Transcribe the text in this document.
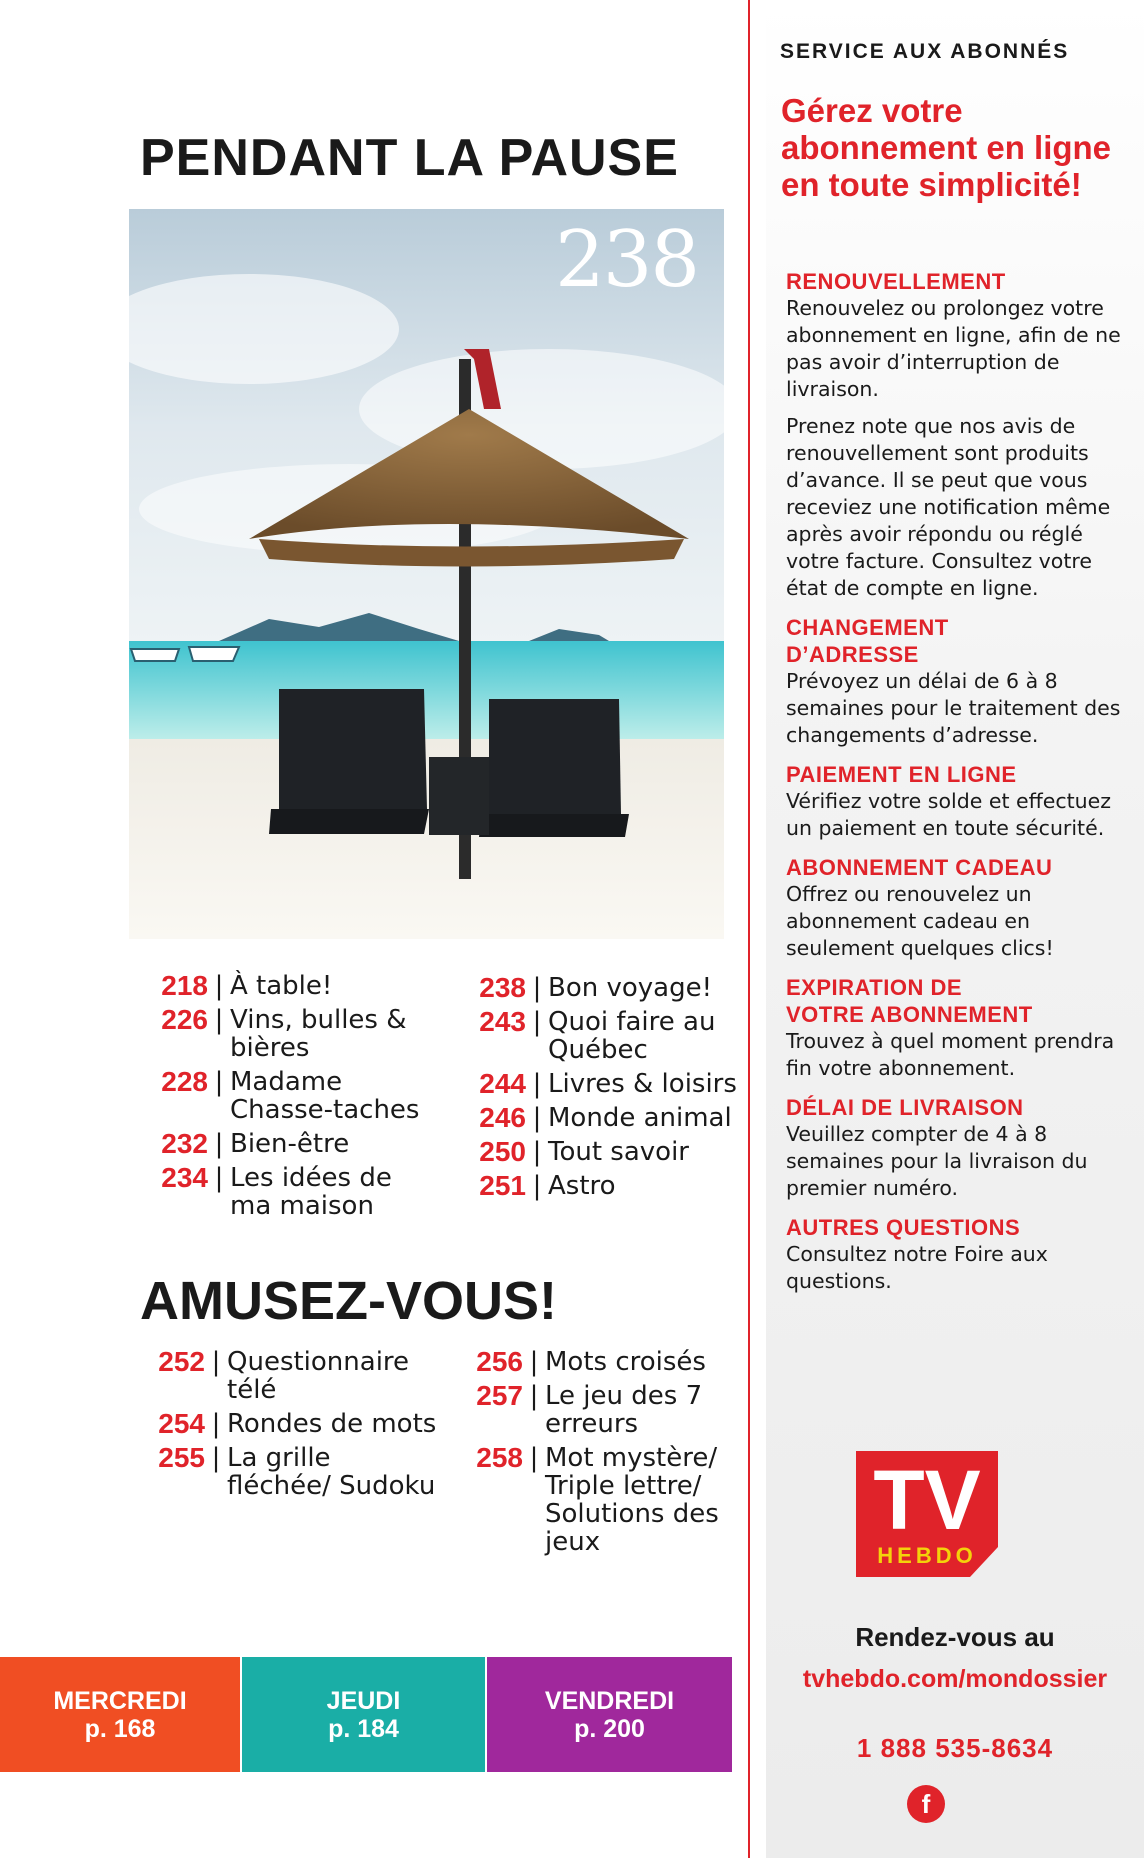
PENDANT LA PAUSE
238
218 | À table!
226 | Vins, bulles & bières
228 | Madame Chasse-taches
232 | Bien-être
234 | Les idées de ma maison
238 | Bon voyage!
243 | Quoi faire au Québec
244 | Livres & loisirs
246 | Monde animal
250 | Tout savoir
251 | Astro
AMUSEZ-VOUS!
252 | Questionnaire télé
254 | Rondes de mots
255 | La grille fléchée/ Sudoku
256 | Mots croisés
257 | Le jeu des 7 erreurs
258 | Mot mystère/ Triple lettre/ Solutions des jeux
MERCREDI
p. 168
JEUDI
p. 184
VENDREDI
p. 200
SERVICE AUX ABONNÉS
Gérez votre abonnement en ligne en toute simplicité!
RENOUVELLEMENT

Renouvelez ou prolongez votre abonnement en ligne, afin de ne pas avoir d’interruption de livraison.

Prenez note que nos avis de renouvellement sont produits d’avance. Il se peut que vous receviez une notification même après avoir répondu ou réglé votre facture. Consultez votre état de compte en ligne.

CHANGEMENT
D’ADRESSE

Prévoyez un délai de 6 à 8 semaines pour le traitement des changements d’adresse.

PAIEMENT EN LIGNE

Vérifiez votre solde et effectuez un paiement en toute sécurité.

ABONNEMENT CADEAU

Offrez ou renouvelez un abonnement cadeau en seulement quelques clics!

EXPIRATION DE
VOTRE ABONNEMENT

Trouvez à quel moment prendra fin votre abonnement.

DÉLAI DE LIVRAISON

Veuillez compter de 4 à 8 semaines pour la livraison du premier numéro.

AUTRES QUESTIONS

Consultez notre Foire aux questions.

TV
HEBDO
Rendez-vous au
tvhebdo.com/mondossier
1 888 535-8634
f
